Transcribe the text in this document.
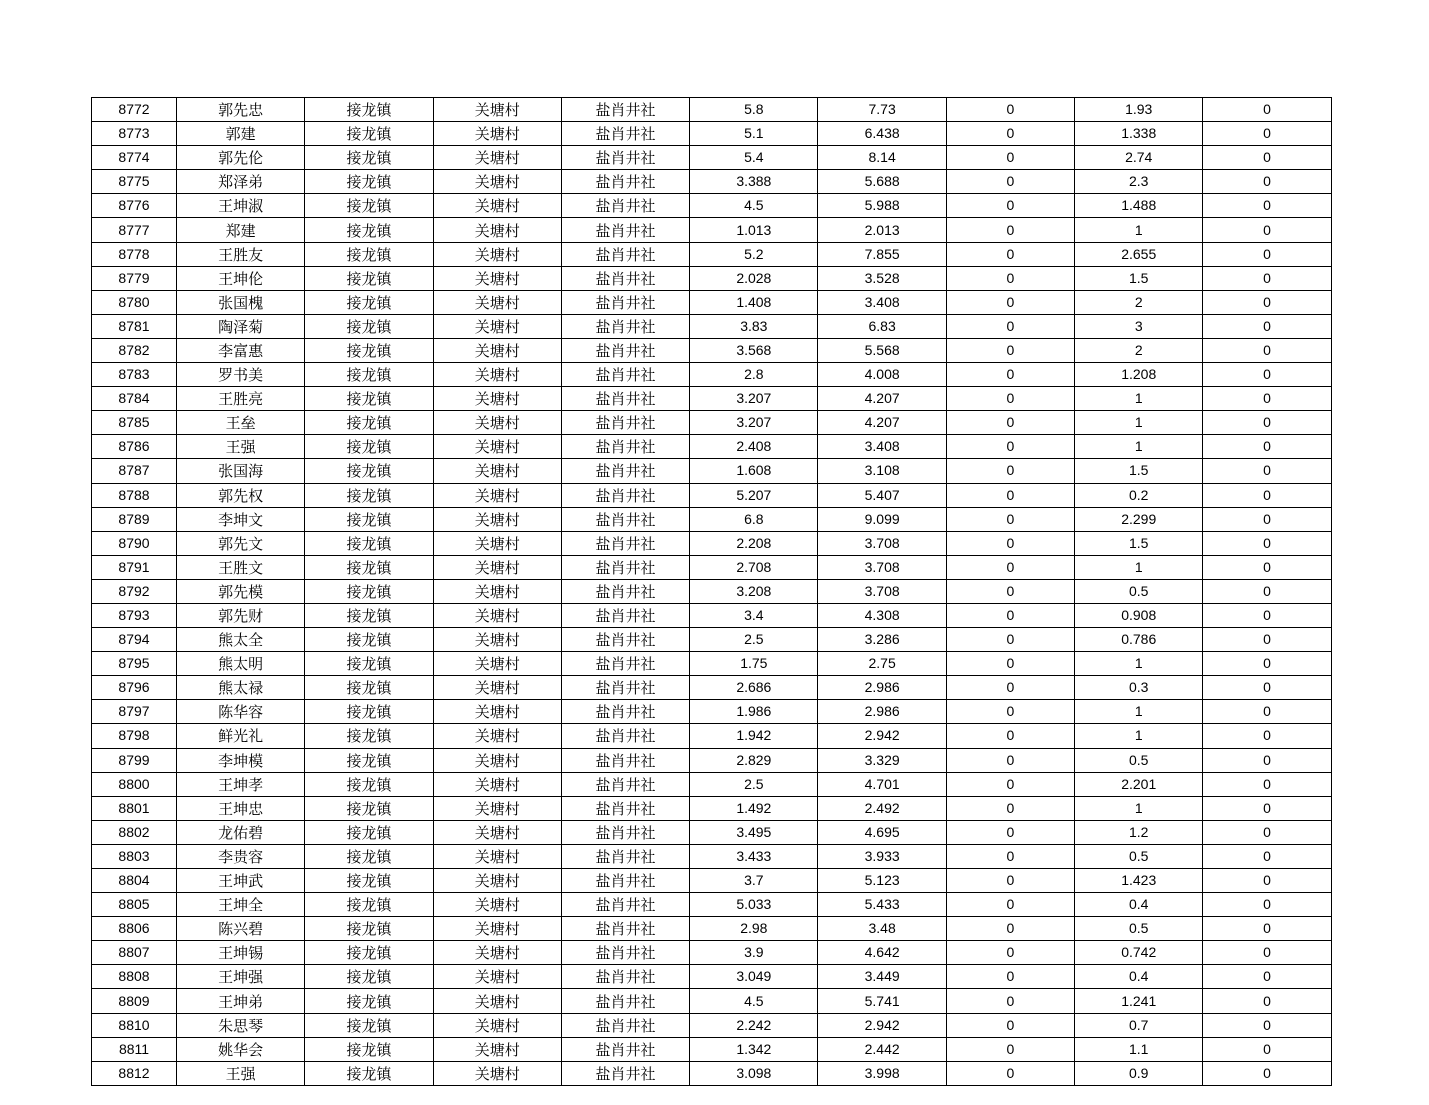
8772	郭先忠	接龙镇	关塘村	盐肖井社	5.8	7.73	0	1.93	0
8773	郭建	接龙镇	关塘村	盐肖井社	5.1	6.438	0	1.338	0
8774	郭先伦	接龙镇	关塘村	盐肖井社	5.4	8.14	0	2.74	0
8775	郑泽弟	接龙镇	关塘村	盐肖井社	3.388	5.688	0	2.3	0
8776	王坤淑	接龙镇	关塘村	盐肖井社	4.5	5.988	0	1.488	0
8777	郑建	接龙镇	关塘村	盐肖井社	1.013	2.013	0	1	0
8778	王胜友	接龙镇	关塘村	盐肖井社	5.2	7.855	0	2.655	0
8779	王坤伦	接龙镇	关塘村	盐肖井社	2.028	3.528	0	1.5	0
8780	张国槐	接龙镇	关塘村	盐肖井社	1.408	3.408	0	2	0
8781	陶泽菊	接龙镇	关塘村	盐肖井社	3.83	6.83	0	3	0
8782	李富惠	接龙镇	关塘村	盐肖井社	3.568	5.568	0	2	0
8783	罗书美	接龙镇	关塘村	盐肖井社	2.8	4.008	0	1.208	0
8784	王胜亮	接龙镇	关塘村	盐肖井社	3.207	4.207	0	1	0
8785	王垒	接龙镇	关塘村	盐肖井社	3.207	4.207	0	1	0
8786	王强	接龙镇	关塘村	盐肖井社	2.408	3.408	0	1	0
8787	张国海	接龙镇	关塘村	盐肖井社	1.608	3.108	0	1.5	0
8788	郭先权	接龙镇	关塘村	盐肖井社	5.207	5.407	0	0.2	0
8789	李坤文	接龙镇	关塘村	盐肖井社	6.8	9.099	0	2.299	0
8790	郭先文	接龙镇	关塘村	盐肖井社	2.208	3.708	0	1.5	0
8791	王胜文	接龙镇	关塘村	盐肖井社	2.708	3.708	0	1	0
8792	郭先模	接龙镇	关塘村	盐肖井社	3.208	3.708	0	0.5	0
8793	郭先财	接龙镇	关塘村	盐肖井社	3.4	4.308	0	0.908	0
8794	熊太全	接龙镇	关塘村	盐肖井社	2.5	3.286	0	0.786	0
8795	熊太明	接龙镇	关塘村	盐肖井社	1.75	2.75	0	1	0
8796	熊太禄	接龙镇	关塘村	盐肖井社	2.686	2.986	0	0.3	0
8797	陈华容	接龙镇	关塘村	盐肖井社	1.986	2.986	0	1	0
8798	鲜光礼	接龙镇	关塘村	盐肖井社	1.942	2.942	0	1	0
8799	李坤模	接龙镇	关塘村	盐肖井社	2.829	3.329	0	0.5	0
8800	王坤孝	接龙镇	关塘村	盐肖井社	2.5	4.701	0	2.201	0
8801	王坤忠	接龙镇	关塘村	盐肖井社	1.492	2.492	0	1	0
8802	龙佑碧	接龙镇	关塘村	盐肖井社	3.495	4.695	0	1.2	0
8803	李贵容	接龙镇	关塘村	盐肖井社	3.433	3.933	0	0.5	0
8804	王坤武	接龙镇	关塘村	盐肖井社	3.7	5.123	0	1.423	0
8805	王坤全	接龙镇	关塘村	盐肖井社	5.033	5.433	0	0.4	0
8806	陈兴碧	接龙镇	关塘村	盐肖井社	2.98	3.48	0	0.5	0
8807	王坤锡	接龙镇	关塘村	盐肖井社	3.9	4.642	0	0.742	0
8808	王坤强	接龙镇	关塘村	盐肖井社	3.049	3.449	0	0.4	0
8809	王坤弟	接龙镇	关塘村	盐肖井社	4.5	5.741	0	1.241	0
8810	朱思琴	接龙镇	关塘村	盐肖井社	2.242	2.942	0	0.7	0
8811	姚华会	接龙镇	关塘村	盐肖井社	1.342	2.442	0	1.1	0
8812	王强	接龙镇	关塘村	盐肖井社	3.098	3.998	0	0.9	0
